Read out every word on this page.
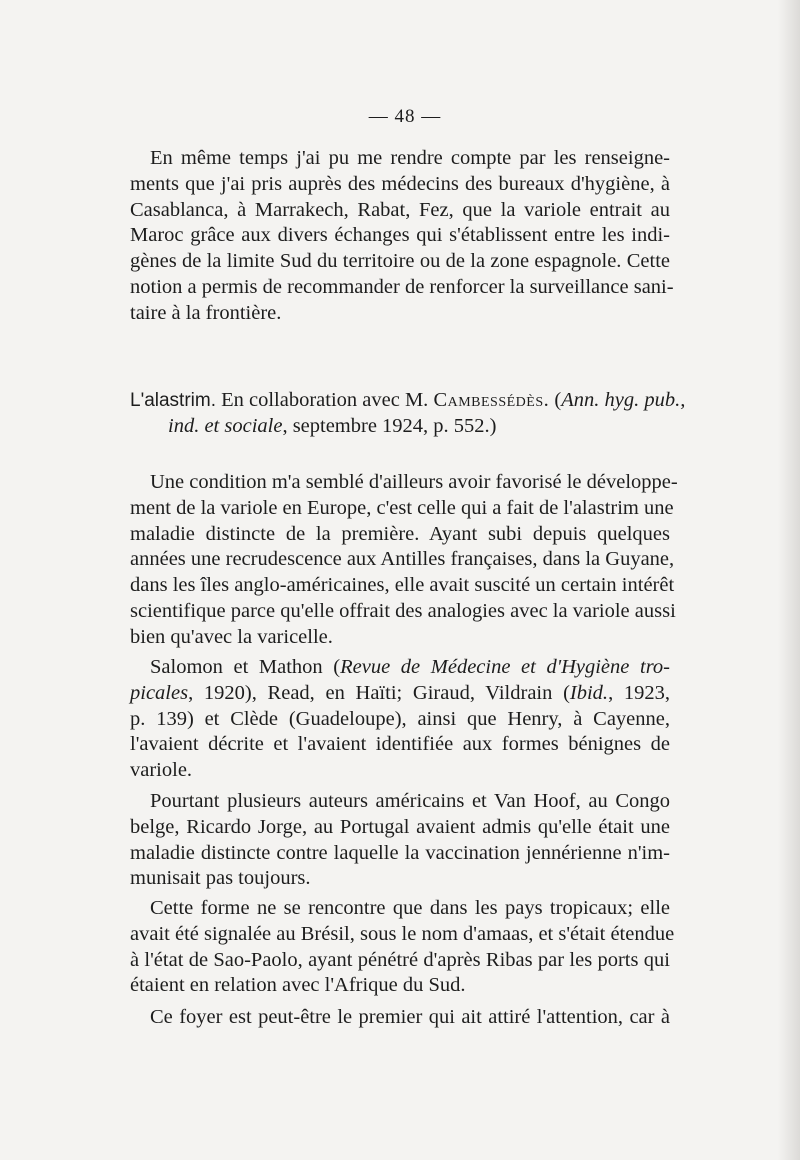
— 48 —

En même temps j'ai pu me rendre compte par les renseigne-
ments que j'ai pris auprès des médecins des bureaux d'hygiène, à
Casablanca, à Marrakech, Rabat, Fez, que la variole entrait au
Maroc grâce aux divers échanges qui s'établissent entre les indi-
gènes de la limite Sud du territoire ou de la zone espagnole. Cette
notion a permis de recommander de renforcer la surveillance sani-
taire à la frontière.

L'alastrim. En collaboration avec M. Cambessédès. (Ann. hyg. pub.,
ind. et sociale, septembre 1924, p. 552.)

Une condition m'a semblé d'ailleurs avoir favorisé le développe-
ment de la variole en Europe, c'est celle qui a fait de l'alastrim une
maladie distincte de la première. Ayant subi depuis quelques
années une recrudescence aux Antilles françaises, dans la Guyane,
dans les îles anglo-américaines, elle avait suscité un certain intérêt
scientifique parce qu'elle offrait des analogies avec la variole aussi
bien qu'avec la varicelle.

Salomon et Mathon (Revue de Médecine et d'Hygiène tro-
picales, 1920), Read, en Haïti; Giraud, Vildrain (Ibid., 1923,
p. 139) et Clède (Guadeloupe), ainsi que Henry, à Cayenne,
l'avaient décrite et l'avaient identifiée aux formes bénignes de
variole.

Pourtant plusieurs auteurs américains et Van Hoof, au Congo
belge, Ricardo Jorge, au Portugal avaient admis qu'elle était une
maladie distincte contre laquelle la vaccination jennérienne n'im-
munisait pas toujours.

Cette forme ne se rencontre que dans les pays tropicaux; elle
avait été signalée au Brésil, sous le nom d'amaas, et s'était étendue
à l'état de Sao-Paolo, ayant pénétré d'après Ribas par les ports qui
étaient en relation avec l'Afrique du Sud.

Ce foyer est peut-être le premier qui ait attiré l'attention, car à
